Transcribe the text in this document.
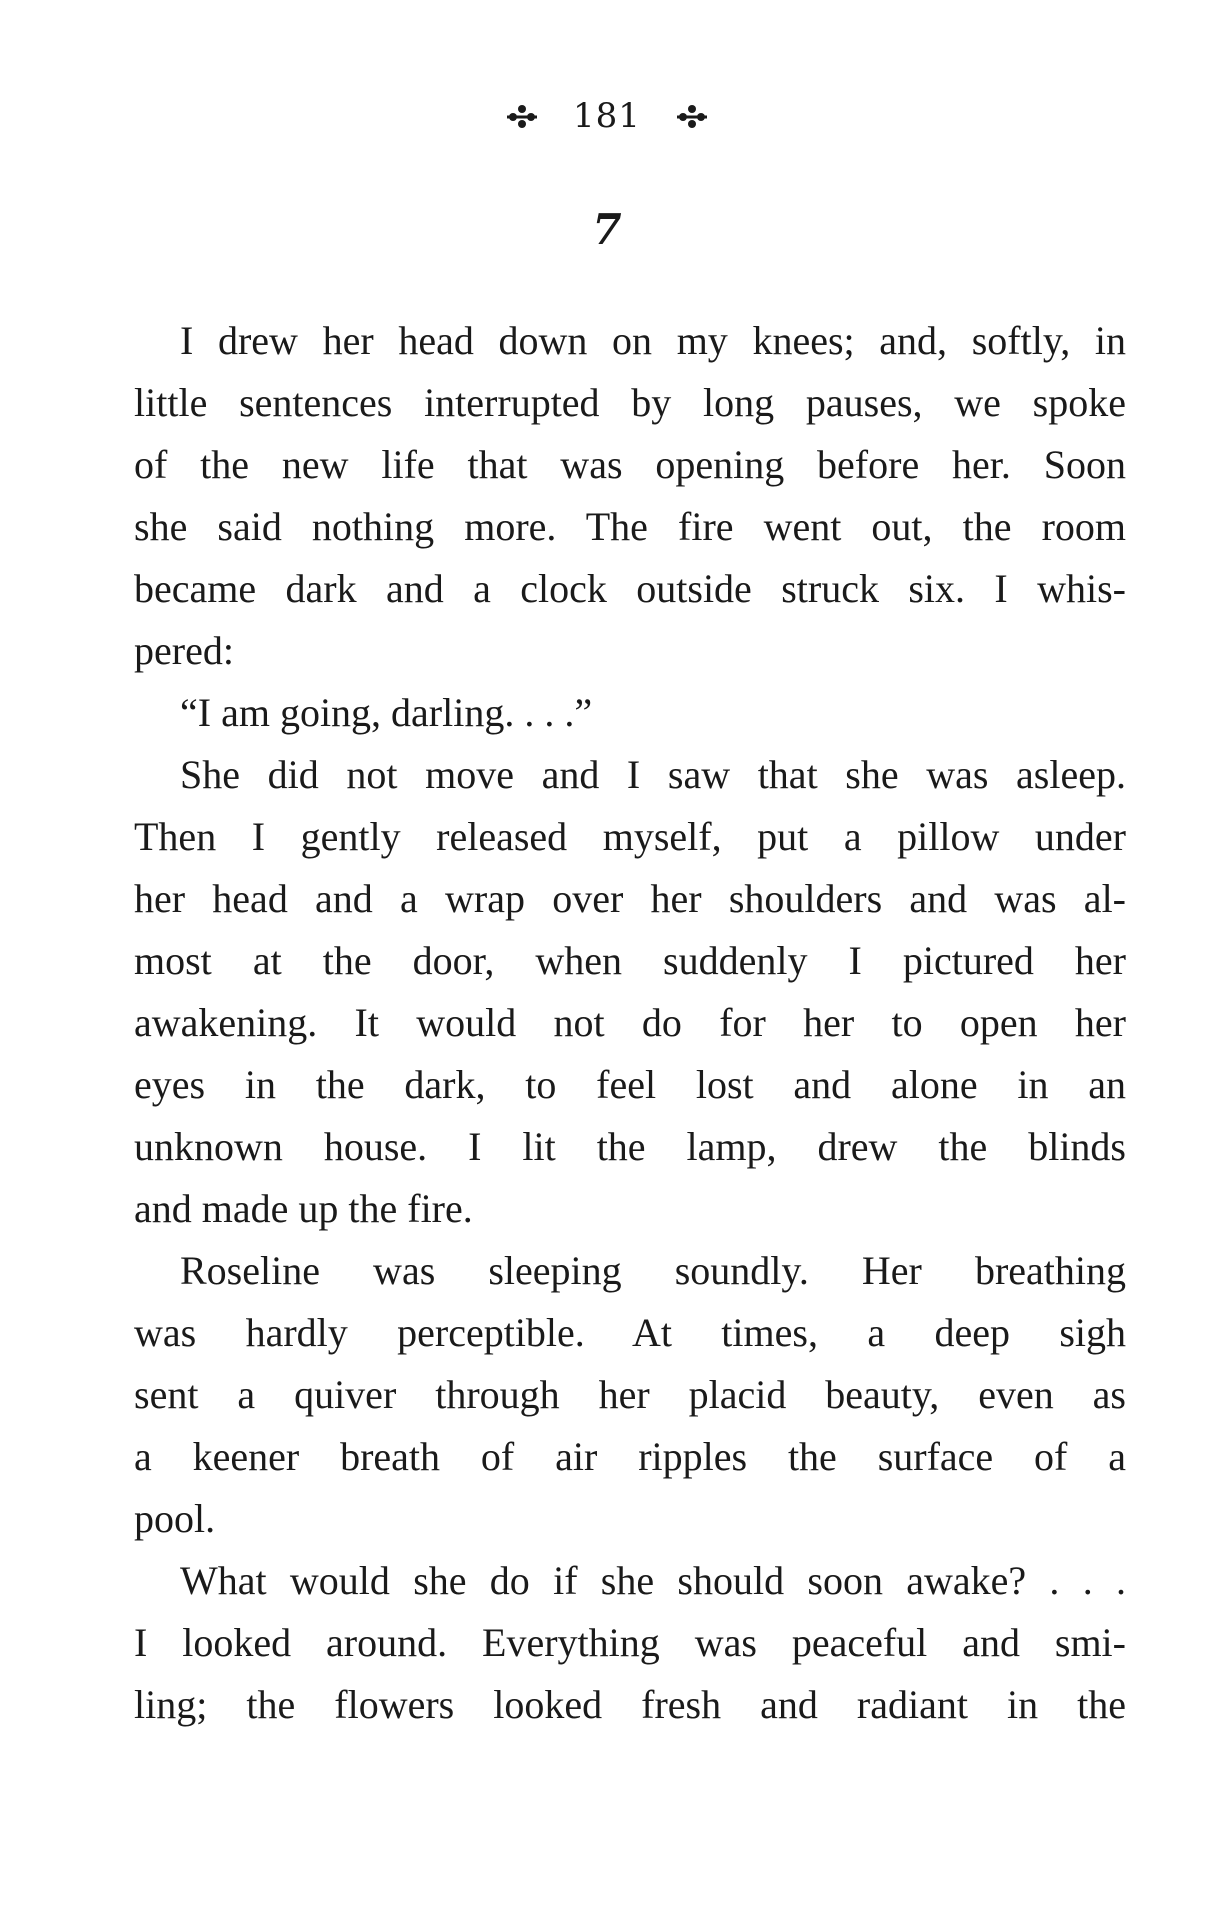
181
7
I drew her head down on my knees; and, softly, in
little sentences interrupted by long pauses, we spoke
of the new life that was opening before her. Soon
she said nothing more. The fire went out, the room
became dark and a clock outside struck six. I whis-
pered:
“I am going, darling. . . .”
She did not move and I saw that she was asleep.
Then I gently released myself, put a pillow under
her head and a wrap over her shoulders and was al-
most at the door, when suddenly I pictured her
awakening. It would not do for her to open her
eyes in the dark, to feel lost and alone in an
unknown house. I lit the lamp, drew the blinds
and made up the fire.
Roseline was sleeping soundly. Her breathing
was hardly perceptible. At times, a deep sigh
sent a quiver through her placid beauty, even as
a keener breath of air ripples the surface of a
pool.
What would she do if she should soon awake? . . .
I looked around. Everything was peaceful and smi-
ling; the flowers looked fresh and radiant in the
